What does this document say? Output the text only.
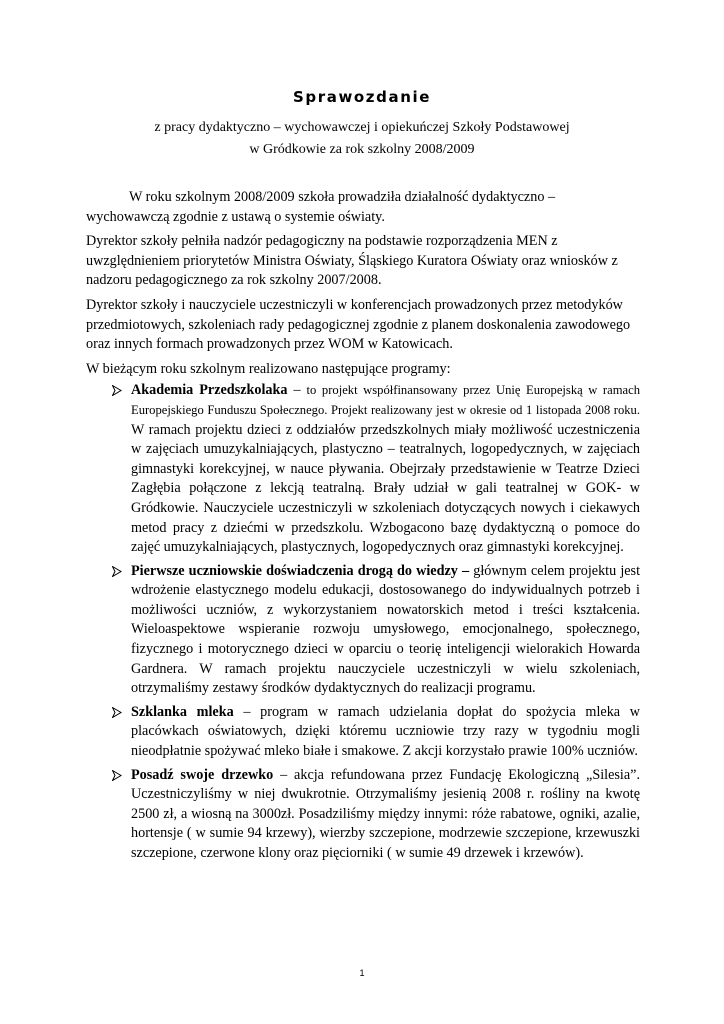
Sprawozdanie

z pracy dydaktyczno – wychowawczej i opiekuńczej Szkoły Podstawowej

w Gródkowie za rok szkolny 2008/2009

W roku szkolnym 2008/2009 szkoła prowadziła działalność dydaktyczno – wychowawczą zgodnie z ustawą o systemie oświaty.

Dyrektor szkoły pełniła nadzór pedagogiczny na podstawie rozporządzenia MEN z uwzględnieniem priorytetów Ministra Oświaty, Śląskiego Kuratora Oświaty oraz wniosków z nadzoru pedagogicznego za rok szkolny 2007/2008.

Dyrektor szkoły i nauczyciele uczestniczyli w konferencjach prowadzonych przez metodyków przedmiotowych, szkoleniach rady pedagogicznej zgodnie z planem doskonalenia zawodowego oraz innych formach prowadzonych przez WOM w Katowicach.

W bieżącym roku szkolnym realizowano następujące programy:

Akademia Przedszkolaka – to projekt współfinansowany przez Unię Europejską w ramach Europejskiego Funduszu Społecznego. Projekt realizowany jest w okresie od 1 listopada 2008 roku. W ramach projektu dzieci z oddziałów przedszkolnych miały możliwość uczestniczenia w zajęciach umuzykalniających, plastyczno – teatralnych, logopedycznych, w zajęciach gimnastyki korekcyjnej, w nauce pływania. Obejrzały przedstawienie w Teatrze Dzieci Zagłębia połączone z lekcją teatralną. Brały udział w gali teatralnej w GOK- w Gródkowie. Nauczyciele uczestniczyli w szkoleniach dotyczących nowych i ciekawych metod pracy z dziećmi w przedszkolu. Wzbogacono bazę dydaktyczną o pomoce do zajęć umuzykalniających, plastycznych, logopedycznych oraz gimnastyki korekcyjnej.
Pierwsze uczniowskie doświadczenia drogą do wiedzy – głównym celem projektu jest wdrożenie elastycznego modelu edukacji, dostosowanego do indywidualnych potrzeb i możliwości uczniów, z wykorzystaniem nowatorskich metod i treści kształcenia. Wieloaspektowe wspieranie rozwoju umysłowego, emocjonalnego, społecznego, fizycznego i motorycznego dzieci w oparciu o teorię inteligencji wielorakich Howarda Gardnera. W ramach projektu nauczyciele uczestniczyli w wielu szkoleniach, otrzymaliśmy zestawy środków dydaktycznych do realizacji programu.
Szklanka mleka – program w ramach udzielania dopłat do spożycia mleka w placówkach oświatowych, dzięki któremu uczniowie trzy razy w tygodniu mogli nieodpłatnie spożywać mleko białe i smakowe. Z akcji korzystało prawie 100% uczniów.
Posadź swoje drzewko – akcja refundowana przez Fundację Ekologiczną „Silesia”. Uczestniczyliśmy w niej dwukrotnie. Otrzymaliśmy jesienią 2008 r. rośliny na kwotę 2500 zł, a wiosną na 3000zł. Posadziliśmy między innymi: róże rabatowe, ogniki, azalie, hortensje ( w sumie 94 krzewy), wierzby szczepione, modrzewie szczepione, krzewuszki szczepione, czerwone klony oraz pięciorniki ( w sumie 49 drzewek i krzewów).
1
